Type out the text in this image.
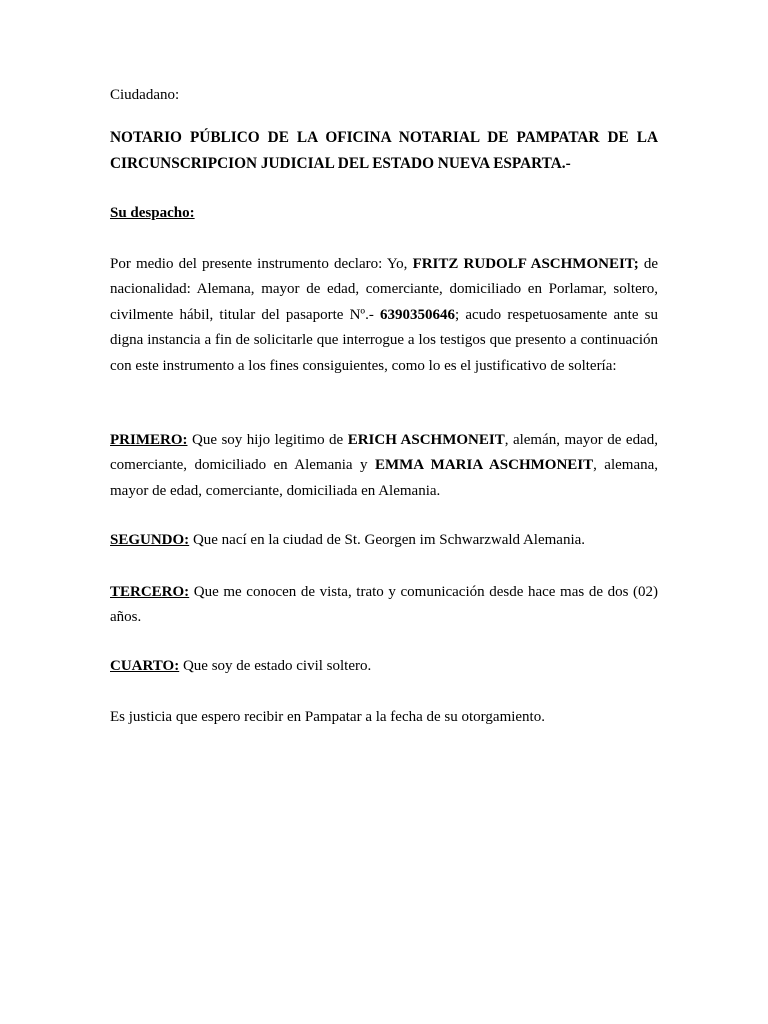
Ciudadano:

NOTARIO PÚBLICO DE LA OFICINA NOTARIAL DE PAMPATAR DE LA CIRCUNSCRIPCION JUDICIAL DEL ESTADO NUEVA ESPARTA.-

Su despacho:

Por medio del presente instrumento declaro: Yo, FRITZ RUDOLF ASCHMONEIT; de nacionalidad: Alemana, mayor de edad, comerciante, domiciliado en Porlamar, soltero, civilmente hábil, titular del pasaporte Nº.- 6390350646; acudo respetuosamente ante su digna instancia a fin de solicitarle que interrogue a los testigos que presento a continuación con este instrumento a los fines consiguientes, como lo es el justificativo de soltería:

PRIMERO: Que soy hijo legitimo de ERICH ASCHMONEIT, alemán, mayor de edad, comerciante, domiciliado en Alemania y EMMA MARIA ASCHMONEIT, alemana, mayor de edad, comerciante, domiciliada en Alemania.

SEGUNDO: Que nací en la ciudad de St. Georgen im Schwarzwald Alemania.

TERCERO: Que me conocen de vista, trato y comunicación desde hace mas de dos (02) años.

CUARTO: Que soy de estado civil soltero.

Es justicia que espero recibir en Pampatar a la fecha de su otorgamiento.
